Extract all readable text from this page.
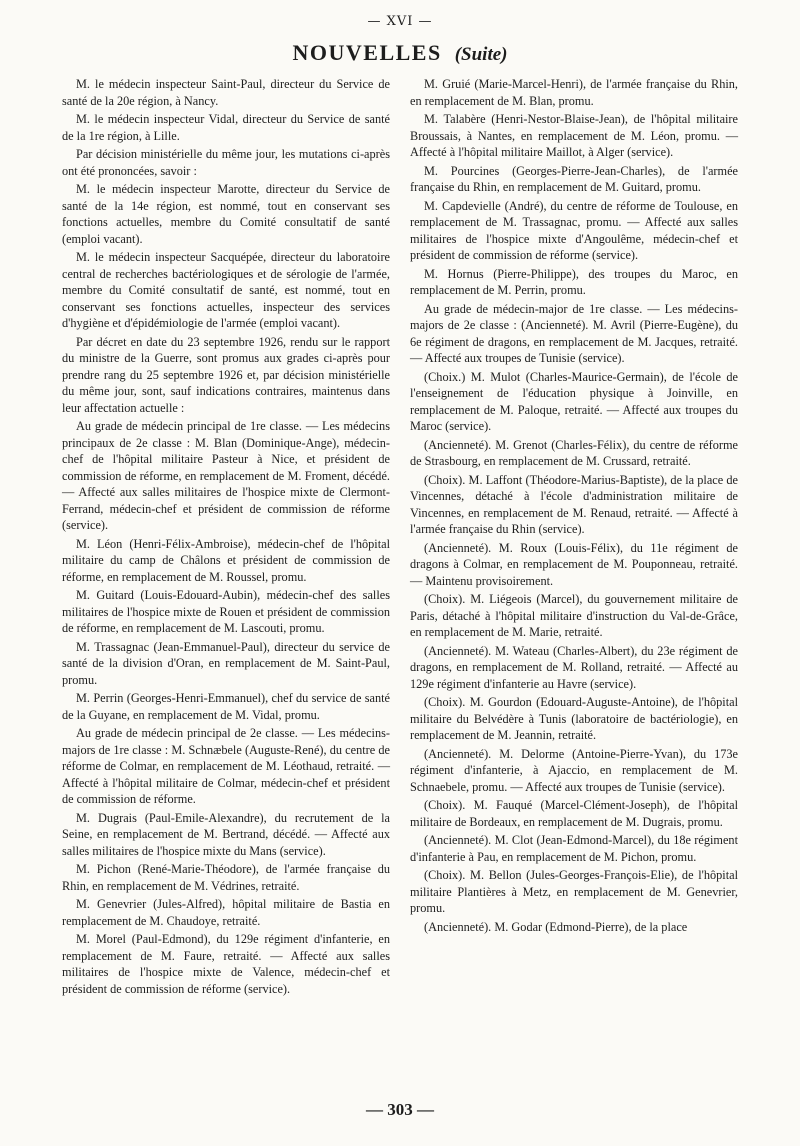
— XVI —
NOUVELLES (Suite)

M. le médecin inspecteur Saint-Paul, directeur du Service de santé de la 20e région, à Nancy.

M. le médecin inspecteur Vidal, directeur du Service de santé de la 1re région, à Lille.

Par décision ministérielle du même jour, les mutations ci-après ont été prononcées, savoir :

M. le médecin inspecteur Marotte, directeur du Service de santé de la 14e région, est nommé, tout en conservant ses fonctions actuelles, membre du Comité consultatif de santé (emploi vacant).

M. le médecin inspecteur Sacquépée, directeur du laboratoire central de recherches bactériologiques et de sérologie de l'armée, membre du Comité consultatif de santé, est nommé, tout en conservant ses fonctions actuelles, inspecteur des services d'hygiène et d'épidémiologie de l'armée (emploi vacant).

Par décret en date du 23 septembre 1926, rendu sur le rapport du ministre de la Guerre, sont promus aux grades ci-après pour prendre rang du 25 septembre 1926 et, par décision ministérielle du même jour, sont, sauf indications contraires, maintenus dans leur affectation actuelle :

Au grade de médecin principal de 1re classe. — Les médecins principaux de 2e classe : M. Blan (Dominique-Ange), médecin-chef de l'hôpital militaire Pasteur à Nice, et président de commission de réforme, en remplacement de M. Froment, décédé. — Affecté aux salles militaires de l'hospice mixte de Clermont-Ferrand, médecin-chef et président de commission de réforme (service).

M. Léon (Henri-Félix-Ambroise), médecin-chef de l'hôpital militaire du camp de Châlons et président de commission de réforme, en remplacement de M. Roussel, promu.

M. Guitard (Louis-Edouard-Aubin), médecin-chef des salles militaires de l'hospice mixte de Rouen et président de commission de réforme, en remplacement de M. Lascouti, promu.

M. Trassagnac (Jean-Emmanuel-Paul), directeur du service de santé de la division d'Oran, en remplacement de M. Saint-Paul, promu.

M. Perrin (Georges-Henri-Emmanuel), chef du service de santé de la Guyane, en remplacement de M. Vidal, promu.

Au grade de médecin principal de 2e classe. — Les médecins-majors de 1re classe : M. Schnæbele (Auguste-René), du centre de réforme de Colmar, en remplacement de M. Léothaud, retraité. — Affecté à l'hôpital militaire de Colmar, médecin-chef et président de commission de réforme.

M. Dugrais (Paul-Emile-Alexandre), du recrutement de la Seine, en remplacement de M. Bertrand, décédé. — Affecté aux salles militaires de l'hospice mixte du Mans (service).

M. Pichon (René-Marie-Théodore), de l'armée française du Rhin, en remplacement de M. Védrines, retraité.

M. Genevrier (Jules-Alfred), hôpital militaire de Bastia en remplacement de M. Chaudoye, retraité.

M. Morel (Paul-Edmond), du 129e régiment d'infanterie, en remplacement de M. Faure, retraité. — Affecté aux salles militaires de l'hospice mixte de Valence, médecin-chef et président de commission de réforme (service).

M. Gruié (Marie-Marcel-Henri), de l'armée française du Rhin, en remplacement de M. Blan, promu.

M. Talabère (Henri-Nestor-Blaise-Jean), de l'hôpital militaire Broussais, à Nantes, en remplacement de M. Léon, promu. — Affecté à l'hôpital militaire Maillot, à Alger (service).

M. Pourcines (Georges-Pierre-Jean-Charles), de l'armée française du Rhin, en remplacement de M. Guitard, promu.

M. Capdevielle (André), du centre de réforme de Toulouse, en remplacement de M. Trassagnac, promu. — Affecté aux salles militaires de l'hospice mixte d'Angoulême, médecin-chef et président de commission de réforme (service).

M. Hornus (Pierre-Philippe), des troupes du Maroc, en remplacement de M. Perrin, promu.

Au grade de médecin-major de 1re classe. — Les médecins-majors de 2e classe : (Ancienneté). M. Avril (Pierre-Eugène), du 6e régiment de dragons, en remplacement de M. Jacques, retraité. — Affecté aux troupes de Tunisie (service).

(Choix.) M. Mulot (Charles-Maurice-Germain), de l'école de l'enseignement de l'éducation physique à Joinville, en remplacement de M. Paloque, retraité. — Affecté aux troupes du Maroc (service).

(Ancienneté). M. Grenot (Charles-Félix), du centre de réforme de Strasbourg, en remplacement de M. Crussard, retraité.

(Choix). M. Laffont (Théodore-Marius-Baptiste), de la place de Vincennes, détaché à l'école d'administration militaire de Vincennes, en remplacement de M. Renaud, retraité. — Affecté à l'armée française du Rhin (service).

(Ancienneté). M. Roux (Louis-Félix), du 11e régiment de dragons à Colmar, en remplacement de M. Pouponneau, retraité. — Maintenu provisoirement.

(Choix). M. Liégeois (Marcel), du gouvernement militaire de Paris, détaché à l'hôpital militaire d'instruction du Val-de-Grâce, en remplacement de M. Marie, retraité.

(Ancienneté). M. Wateau (Charles-Albert), du 23e régiment de dragons, en remplacement de M. Rolland, retraité. — Affecté au 129e régiment d'infanterie au Havre (service).

(Choix). M. Gourdon (Edouard-Auguste-Antoine), de l'hôpital militaire du Belvédère à Tunis (laboratoire de bactériologie), en remplacement de M. Jeannin, retraité.

(Ancienneté). M. Delorme (Antoine-Pierre-Yvan), du 173e régiment d'infanterie, à Ajaccio, en remplacement de M. Schnaebele, promu. — Affecté aux troupes de Tunisie (service).

(Choix). M. Fauqué (Marcel-Clément-Joseph), de l'hôpital militaire de Bordeaux, en remplacement de M. Dugrais, promu.

(Ancienneté). M. Clot (Jean-Edmond-Marcel), du 18e régiment d'infanterie à Pau, en remplacement de M. Pichon, promu.

(Choix). M. Bellon (Jules-Georges-François-Elie), de l'hôpital militaire Plantières à Metz, en remplacement de M. Genevrier, promu.

(Ancienneté). M. Godar (Edmond-Pierre), de la place

— 303 —
